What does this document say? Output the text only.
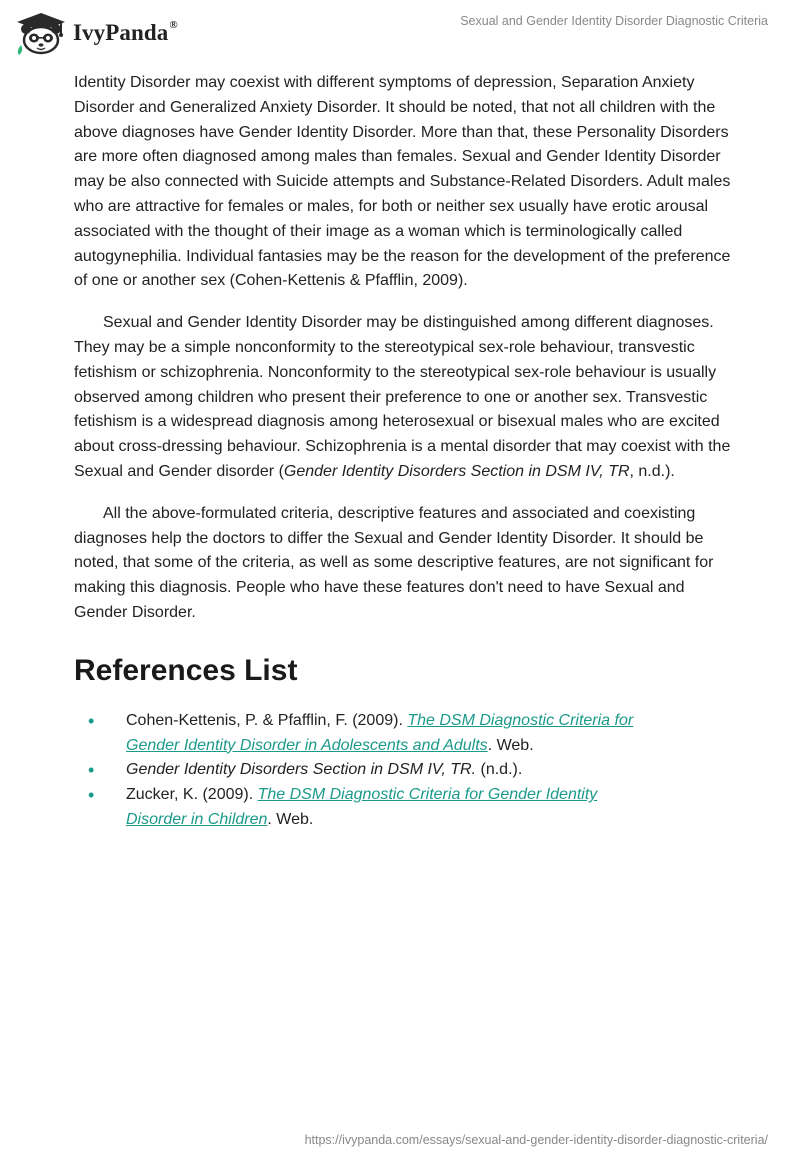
IvyPanda®	Sexual and Gender Identity Disorder Diagnostic Criteria

Identity Disorder may coexist with different symptoms of depression, Separation Anxiety Disorder and Generalized Anxiety Disorder. It should be noted, that not all children with the above diagnoses have Gender Identity Disorder. More than that, these Personality Disorders are more often diagnosed among males than females. Sexual and Gender Identity Disorder may be also connected with Suicide attempts and Substance-Related Disorders. Adult males who are attractive for females or males, for both or neither sex usually have erotic arousal associated with the thought of their image as a woman which is terminologically called autogynephilia. Individual fantasies may be the reason for the development of the preference of one or another sex (Cohen-Kettenis & Pfafflin, 2009).

Sexual and Gender Identity Disorder may be distinguished among different diagnoses. They may be a simple nonconformity to the stereotypical sex-role behaviour, transvestic fetishism or schizophrenia. Nonconformity to the stereotypical sex-role behaviour is usually observed among children who present their preference to one or another sex. Transvestic fetishism is a widespread diagnosis among heterosexual or bisexual males who are excited about cross-dressing behaviour. Schizophrenia is a mental disorder that may coexist with the Sexual and Gender disorder (Gender Identity Disorders Section in DSM IV, TR, n.d.).

All the above-formulated criteria, descriptive features and associated and coexisting diagnoses help the doctors to differ the Sexual and Gender Identity Disorder. It should be noted, that some of the criteria, as well as some descriptive features, are not significant for making this diagnosis. People who have these features don't need to have Sexual and Gender Disorder.

References List
• Cohen-Kettenis, P. & Pfafflin, F. (2009). The DSM Diagnostic Criteria for Gender Identity Disorder in Adolescents and Adults. Web.
• Gender Identity Disorders Section in DSM IV, TR. (n.d.).
• Zucker, K. (2009). The DSM Diagnostic Criteria for Gender Identity Disorder in Children. Web.
https://ivypanda.com/essays/sexual-and-gender-identity-disorder-diagnostic-criteria/
